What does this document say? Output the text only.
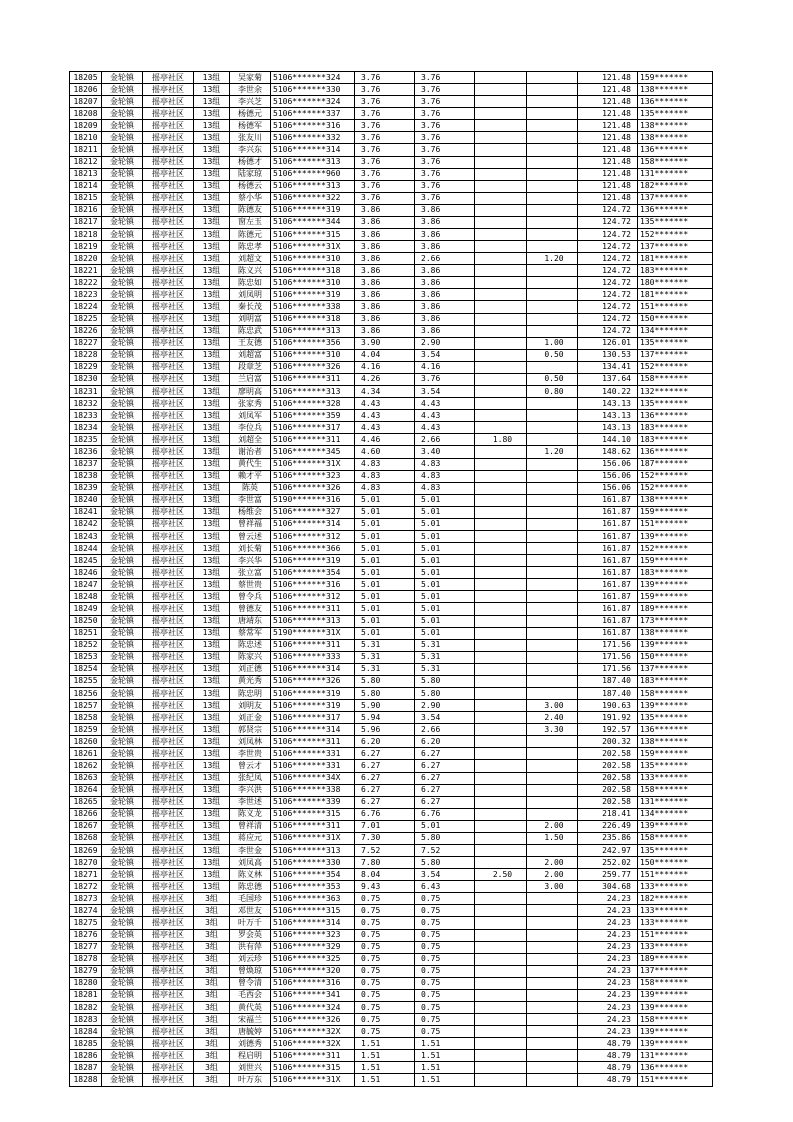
18205	金轮镇	摇亭社区	13组	吴家菊	5106*******324	3.76	3.76			121.48	159*******
18206	金轮镇	摇亭社区	13组	李世余	5106*******330	3.76	3.76			121.48	138*******
18207	金轮镇	摇亭社区	13组	李兴芝	5106*******324	3.76	3.76			121.48	136*******
18208	金轮镇	摇亭社区	13组	杨德元	5106*******337	3.76	3.76			121.48	135*******
18209	金轮镇	摇亭社区	13组	杨德军	5106*******316	3.76	3.76			121.48	138*******
18210	金轮镇	摇亭社区	13组	张友川	5106*******332	3.76	3.76			121.48	138*******
18211	金轮镇	摇亭社区	13组	李兴东	5106*******314	3.76	3.76			121.48	136*******
18212	金轮镇	摇亭社区	13组	杨德才	5106*******313	3.76	3.76			121.48	158*******
18213	金轮镇	摇亭社区	13组	陆家琼	5106*******960	3.76	3.76			121.48	131*******
18214	金轮镇	摇亭社区	13组	杨德云	5106*******313	3.76	3.76			121.48	182*******
18215	金轮镇	摇亭社区	13组	蔡小华	5106*******322	3.76	3.76			121.48	137*******
18216	金轮镇	摇亭社区	13组	陈德友	5106*******319	3.86	3.86			124.72	136*******
18217	金轮镇	摇亭社区	13组	窗左玉	5106*******344	3.86	3.86			124.72	135*******
18218	金轮镇	摇亭社区	13组	陈德元	5106*******315	3.86	3.86			124.72	152*******
18219	金轮镇	摇亭社区	13组	陈忠孝	5106*******31X	3.86	3.86			124.72	137*******
18220	金轮镇	摇亭社区	13组	刘超文	5106*******310	3.86	2.66		1.20	124.72	181*******
18221	金轮镇	摇亭社区	13组	陈义兴	5106*******318	3.86	3.86			124.72	183*******
18222	金轮镇	摇亭社区	13组	陈忠如	5106*******310	3.86	3.86			124.72	180*******
18223	金轮镇	摇亭社区	13组	刘凤明	5106*******319	3.86	3.86			124.72	181*******
18224	金轮镇	摇亭社区	13组	秦长茂	5106*******338	3.86	3.86			124.72	151*******
18225	金轮镇	摇亭社区	13组	刘明富	5106*******318	3.86	3.86			124.72	150*******
18226	金轮镇	摇亭社区	13组	陈忠武	5106*******313	3.86	3.86			124.72	134*******
18227	金轮镇	摇亭社区	13组	王友德	5106*******356	3.90	2.90		1.00	126.01	135*******
18228	金轮镇	摇亭社区	13组	刘超富	5106*******310	4.04	3.54		0.50	130.53	137*******
18229	金轮镇	摇亭社区	13组	段章芝	5106*******326	4.16	4.16			134.41	152*******
18230	金轮镇	摇亭社区	13组	兰启富	5106*******311	4.26	3.76		0.50	137.64	158*******
18231	金轮镇	摇亭社区	13组	廖明高	5106*******313	4.34	3.54		0.80	140.22	132*******
18232	金轮镇	摇亭社区	13组	张家秀	5106*******328	4.43	4.43			143.13	135*******
18233	金轮镇	摇亭社区	13组	刘凤军	5106*******359	4.43	4.43			143.13	136*******
18234	金轮镇	摇亭社区	13组	李位兵	5106*******317	4.43	4.43			143.13	183*******
18235	金轮镇	摇亭社区	13组	刘超全	5106*******311	4.46	2.66	1.80		144.10	183*******
18236	金轮镇	摇亭社区	13组	谢治者	5106*******345	4.60	3.40		1.20	148.62	136*******
18237	金轮镇	摇亭社区	13组	黄代生	5106*******31X	4.83	4.83			156.06	187*******
18238	金轮镇	摇亭社区	13组	赖才平	5106*******323	4.83	4.83			156.06	152*******
18239	金轮镇	摇亭社区	13组	陈英	5106*******326	4.83	4.83			156.06	152*******
18240	金轮镇	摇亭社区	13组	李世富	5190*******316	5.01	5.01			161.87	138*******
18241	金轮镇	摇亭社区	13组	杨维会	5106*******327	5.01	5.01			161.87	159*******
18242	金轮镇	摇亭社区	13组	曾祥福	5106*******314	5.01	5.01			161.87	151*******
18243	金轮镇	摇亭社区	13组	曾云述	5106*******312	5.01	5.01			161.87	139*******
18244	金轮镇	摇亭社区	13组	刘长菊	5106*******366	5.01	5.01			161.87	152*******
18245	金轮镇	摇亭社区	13组	李兴华	5106*******319	5.01	5.01			161.87	159*******
18246	金轮镇	摇亭社区	13组	张立富	5106*******354	5.01	5.01			161.87	183*******
18247	金轮镇	摇亭社区	13组	蔡世贵	5106*******316	5.01	5.01			161.87	139*******
18248	金轮镇	摇亭社区	13组	曾令兵	5106*******312	5.01	5.01			161.87	159*******
18249	金轮镇	摇亭社区	13组	曾德友	5106*******311	5.01	5.01			161.87	189*******
18250	金轮镇	摇亭社区	13组	唐靖东	5106*******313	5.01	5.01			161.87	173*******
18251	金轮镇	摇亭社区	13组	蔡常军	5190*******31X	5.01	5.01			161.87	138*******
18252	金轮镇	摇亭社区	13组	陈忠述	5106*******311	5.31	5.31			171.56	139*******
18253	金轮镇	摇亭社区	13组	陈家兴	5106*******333	5.31	5.31			171.56	150*******
18254	金轮镇	摇亭社区	13组	刘正德	5106*******314	5.31	5.31			171.56	137*******
18255	金轮镇	摇亭社区	13组	黄光秀	5106*******326	5.80	5.80			187.40	183*******
18256	金轮镇	摇亭社区	13组	陈忠明	5106*******319	5.80	5.80			187.40	158*******
18257	金轮镇	摇亭社区	13组	刘明友	5106*******319	5.90	2.90		3.00	190.63	139*******
18258	金轮镇	摇亭社区	13组	刘正金	5106*******317	5.94	3.54		2.40	191.92	135*******
18259	金轮镇	摇亭社区	13组	郭贤宗	5106*******314	5.96	2.66		3.30	192.57	136*******
18260	金轮镇	摇亭社区	13组	刘凤林	5106*******311	6.20	6.20			200.32	138*******
18261	金轮镇	摇亭社区	13组	李世贵	5106*******331	6.27	6.27			202.58	159*******
18262	金轮镇	摇亭社区	13组	曾云才	5106*******331	6.27	6.27			202.58	135*******
18263	金轮镇	摇亭社区	13组	张纪凤	5106*******34X	6.27	6.27			202.58	133*******
18264	金轮镇	摇亭社区	13组	李兴洪	5106*******338	6.27	6.27			202.58	158*******
18265	金轮镇	摇亭社区	13组	李世述	5106*******339	6.27	6.27			202.58	131*******
18266	金轮镇	摇亭社区	13组	陈义龙	5106*******315	6.76	6.76			218.41	134*******
18267	金轮镇	摇亭社区	13组	曾祥清	5106*******311	7.01	5.01		2.00	226.49	139*******
18268	金轮镇	摇亭社区	13组	蒋应元	5106*******31X	7.30	5.80		1.50	235.86	158*******
18269	金轮镇	摇亭社区	13组	李世金	5106*******313	7.52	7.52			242.97	135*******
18270	金轮镇	摇亭社区	13组	刘凤高	5106*******330	7.80	5.80		2.00	252.02	150*******
18271	金轮镇	摇亭社区	13组	陈义林	5106*******354	8.04	3.54	2.50	2.00	259.77	151*******
18272	金轮镇	摇亭社区	13组	陈忠德	5106*******353	9.43	6.43		3.00	304.68	133*******
18273	金轮镇	摇亭社区	3组	毛国珍	5106*******363	0.75	0.75			24.23	182*******
18274	金轮镇	摇亭社区	3组	邓世友	5106*******315	0.75	0.75			24.23	133*******
18275	金轮镇	摇亭社区	3组	叶万千	5106*******314	0.75	0.75			24.23	133*******
18276	金轮镇	摇亭社区	3组	罗会英	5106*******323	0.75	0.75			24.23	151*******
18277	金轮镇	摇亭社区	3组	洪有萍	5106*******329	0.75	0.75			24.23	133*******
18278	金轮镇	摇亭社区	3组	刘云珍	5106*******325	0.75	0.75			24.23	189*******
18279	金轮镇	摇亭社区	3组	曾焕琼	5106*******320	0.75	0.75			24.23	137*******
18280	金轮镇	摇亭社区	3组	曾令清	5106*******316	0.75	0.75			24.23	158*******
18281	金轮镇	摇亭社区	3组	毛西会	5106*******341	0.75	0.75			24.23	139*******
18282	金轮镇	摇亭社区	3组	黄代英	5106*******324	0.75	0.75			24.23	139*******
18283	金轮镇	摇亭社区	3组	宋福兰	5106*******326	0.75	0.75			24.23	158*******
18284	金轮镇	摇亭社区	3组	唐毓婷	5106*******32X	0.75	0.75			24.23	139*******
18285	金轮镇	摇亭社区	3组	刘德秀	5106*******32X	1.51	1.51			48.79	139*******
18286	金轮镇	摇亭社区	3组	程启明	5106*******311	1.51	1.51			48.79	131*******
18287	金轮镇	摇亭社区	3组	刘世兴	5106*******315	1.51	1.51			48.79	136*******
18288	金轮镇	摇亭社区	3组	叶万东	5106*******31X	1.51	1.51			48.79	151*******
